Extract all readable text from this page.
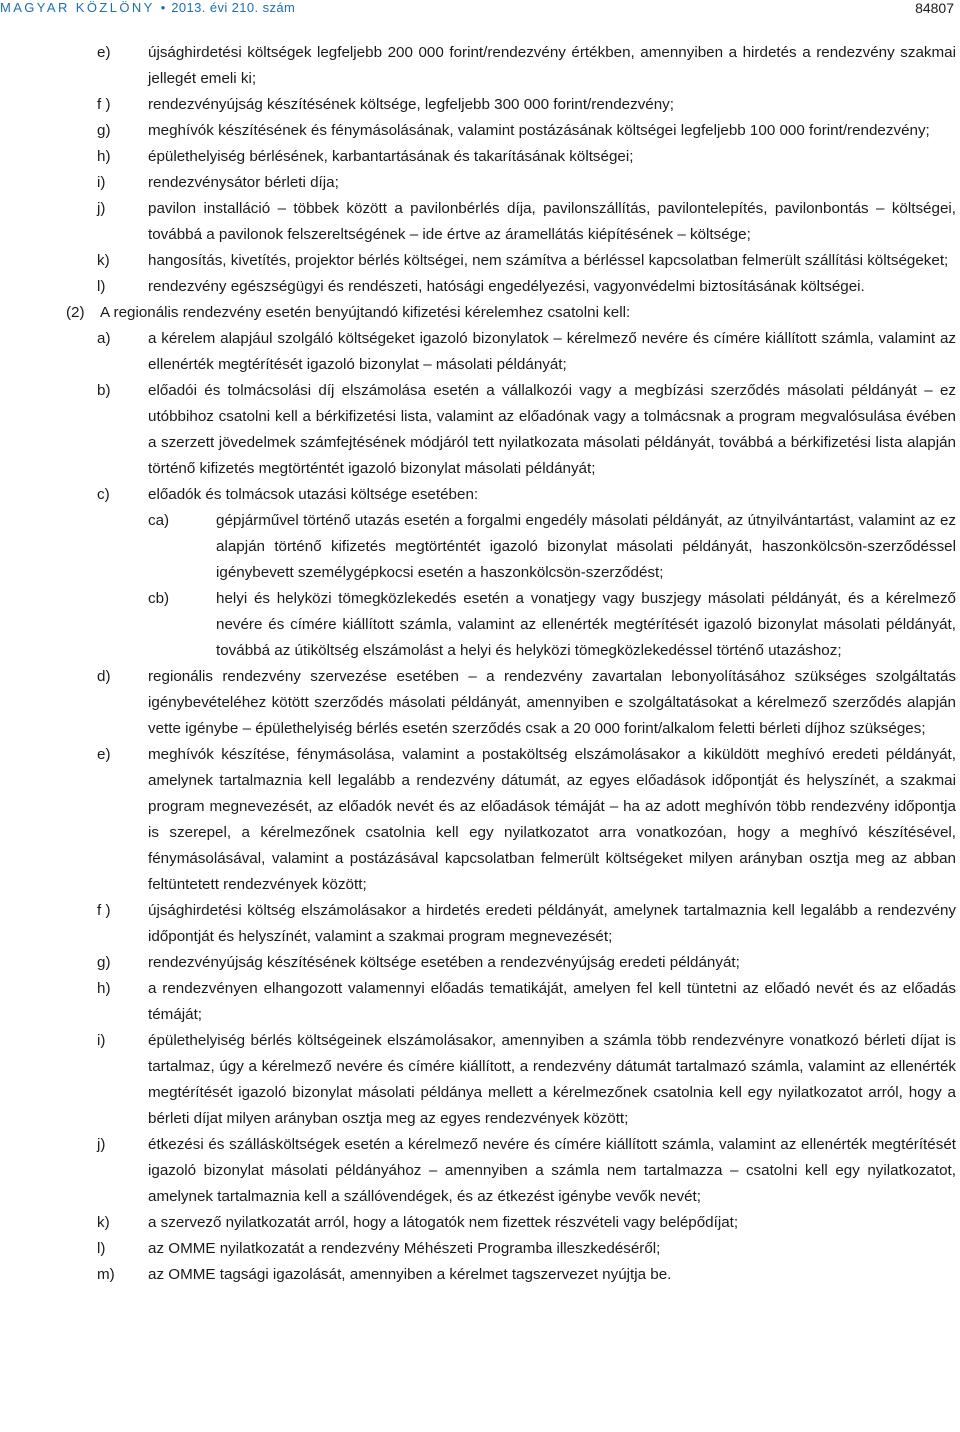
MAGYAR KÖZLÖNY • 2013. évi 210. szám	84807
e) újsághirdetési költségek legfeljebb 200 000 forint/rendezvény értékben, amennyiben a hirdetés a rendezvény szakmai jellegét emeli ki;
f ) rendezvényújság készítésének költsége, legfeljebb 300 000 forint/rendezvény;
g) meghívók készítésének és fénymásolásának, valamint postázásának költségei legfeljebb 100 000 forint/rendezvény;
h) épülethelyiség bérlésének, karbantartásának és takarításának költségei;
i)	rendezvénysátor bérleti díja;
j)	pavilon installáció – többek között a pavilonbérlés díja, pavilonszállítás, pavilontelepítés, pavilonbontás – költségei, továbbá a pavilonok felszereltségének – ide értve az áramellátás kiépítésének – költsége;
k)	hangosítás, kivetítés, projektor bérlés költségei, nem számítva a bérléssel kapcsolatban felmerült szállítási költségeket;
l)	rendezvény egészségügyi és rendészeti, hatósági engedélyezési, vagyonvédelmi biztosításának költségei.
(2) A regionális rendezvény esetén benyújtandó kifizetési kérelemhez csatolni kell:
a) a kérelem alapjául szolgáló költségeket igazoló bizonylatok – kérelmező nevére és címére kiállított számla, valamint az ellenérték megtérítését igazoló bizonylat – másolati példányát;
b) előadói és tolmácsolási díj elszámolása esetén a vállalkozói vagy a megbízási szerződés másolati példányát – ez utóbbihoz csatolni kell a bérkifizetési lista, valamint az előadónak vagy a tolmácsnak a program megvalósulása évében a szerzett jövedelmek számfejtésének módjáról tett nyilatkozata másolati példányát, továbbá a bérkifizetési lista alapján történő kifizetés megtörténtét igazoló bizonylat másolati példányát;
c)	előadók és tolmácsok utazási költsége esetében:
ca)	gépjárművel történő utazás esetén a forgalmi engedély másolati példányát, az útnyilvántartást, valamint az ez alapján történő kifizetés megtörténtét igazoló bizonylat másolati példányát, haszonkölcsön-szerződéssel igénybevett személygépkocsi esetén a haszonkölcsön-szerződést;
cb)	helyi és helyközi tömegközlekedés esetén a vonatjegy vagy buszjegy másolati példányát, és a kérelmező nevére és címére kiállított számla, valamint az ellenérték megtérítését igazoló bizonylat másolati példányát, továbbá az útiköltség elszámolást a helyi és helyközi tömegközlekedéssel történő utazáshoz;
d) regionális rendezvény szervezése esetében – a rendezvény zavartalan lebonyolításához szükséges szolgáltatás igénybevételéhez kötött szerződés másolati példányát, amennyiben e szolgáltatásokat a kérelmező szerződés alapján vette igénybe – épülethelyiség bérlés esetén szerződés csak a 20 000 forint/alkalom feletti bérleti díjhoz szükséges;
e) meghívók készítése, fénymásolása, valamint a postaköltség elszámolásakor a kiküldött meghívó eredeti példányát, amelynek tartalmaznia kell legalább a rendezvény dátumát, az egyes előadások időpontját és helyszínét, a szakmai program megnevezését, az előadók nevét és az előadások témáját – ha az adott meghívón több rendezvény időpontja is szerepel, a kérelmezőnek csatolnia kell egy nyilatkozatot arra vonatkozóan, hogy a meghívó készítésével, fénymásolásával, valamint a postázásával kapcsolatban felmerült költségeket milyen arányban osztja meg az abban feltüntetett rendezvények között;
f ) újsághirdetési költség elszámolásakor a hirdetés eredeti példányát, amelynek tartalmaznia kell legalább a rendezvény időpontját és helyszínét, valamint a szakmai program megnevezését;
g) rendezvényújság készítésének költsége esetében a rendezvényújság eredeti példányát;
h) a rendezvényen elhangozott valamennyi előadás tematikáját, amelyen fel kell tüntetni az előadó nevét és az előadás témáját;
i)	épülethelyiség bérlés költségeinek elszámolásakor, amennyiben a számla több rendezvényre vonatkozó bérleti díjat is tartalmaz, úgy a kérelmező nevére és címére kiállított, a rendezvény dátumát tartalmazó számla, valamint az ellenérték megtérítését igazoló bizonylat másolati példánya mellett a kérelmezőnek csatolnia kell egy nyilatkozatot arról, hogy a bérleti díjat milyen arányban osztja meg az egyes rendezvények között;
j)	étkezési és szállásköltségek esetén a kérelmező nevére és címére kiállított számla, valamint az ellenérték megtérítését igazoló bizonylat másolati példányához – amennyiben a számla nem tartalmazza – csatolni kell egy nyilatkozatot, amelynek tartalmaznia kell a szállóvendégek, és az étkezést igénybe vevők nevét;
k)	a szervező nyilatkozatát arról, hogy a látogatók nem fizettek részvételi vagy belépődíjat;
l)	az OMME nyilatkozatát a rendezvény Méhészeti Programba illeszkedéséről;
m) az OMME tagsági igazolását, amennyiben a kérelmet tagszervezet nyújtja be.
